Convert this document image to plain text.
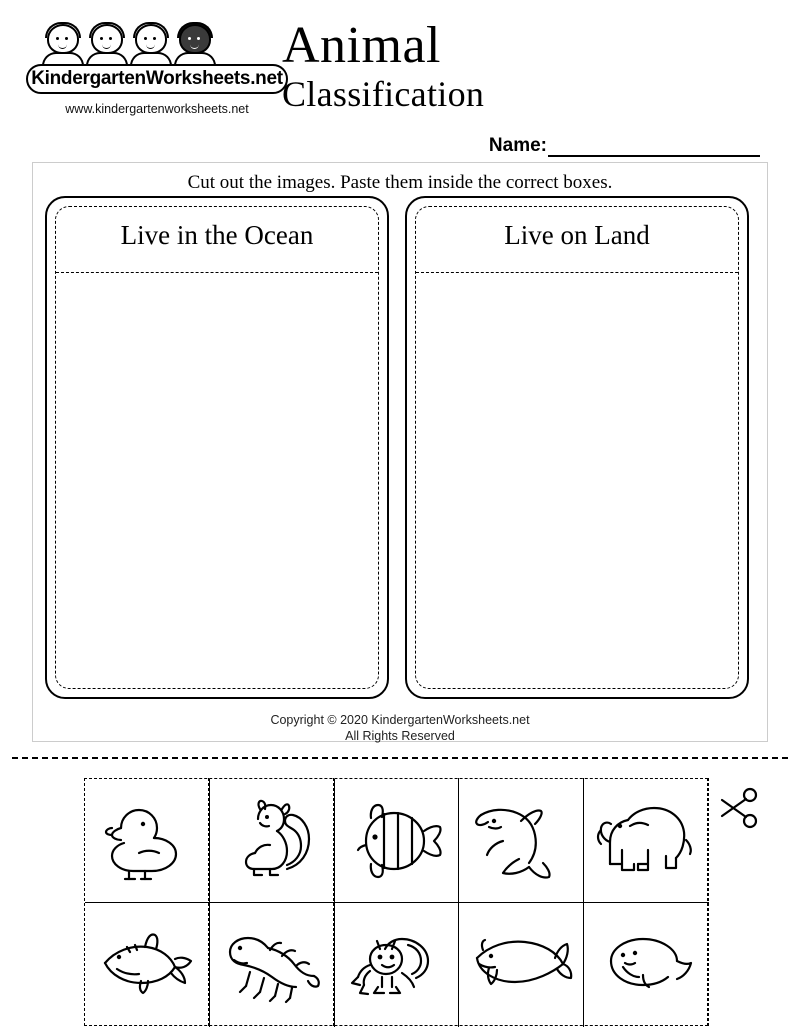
KindergartenWorksheets.net
www.kindergartenworksheets.net
Animal
Classification
Name:
Cut out the images. Paste them inside the correct boxes.
Live in the Ocean	Live on Land
Copyright © 2020 KindergartenWorksheets.net
All Rights Reserved
